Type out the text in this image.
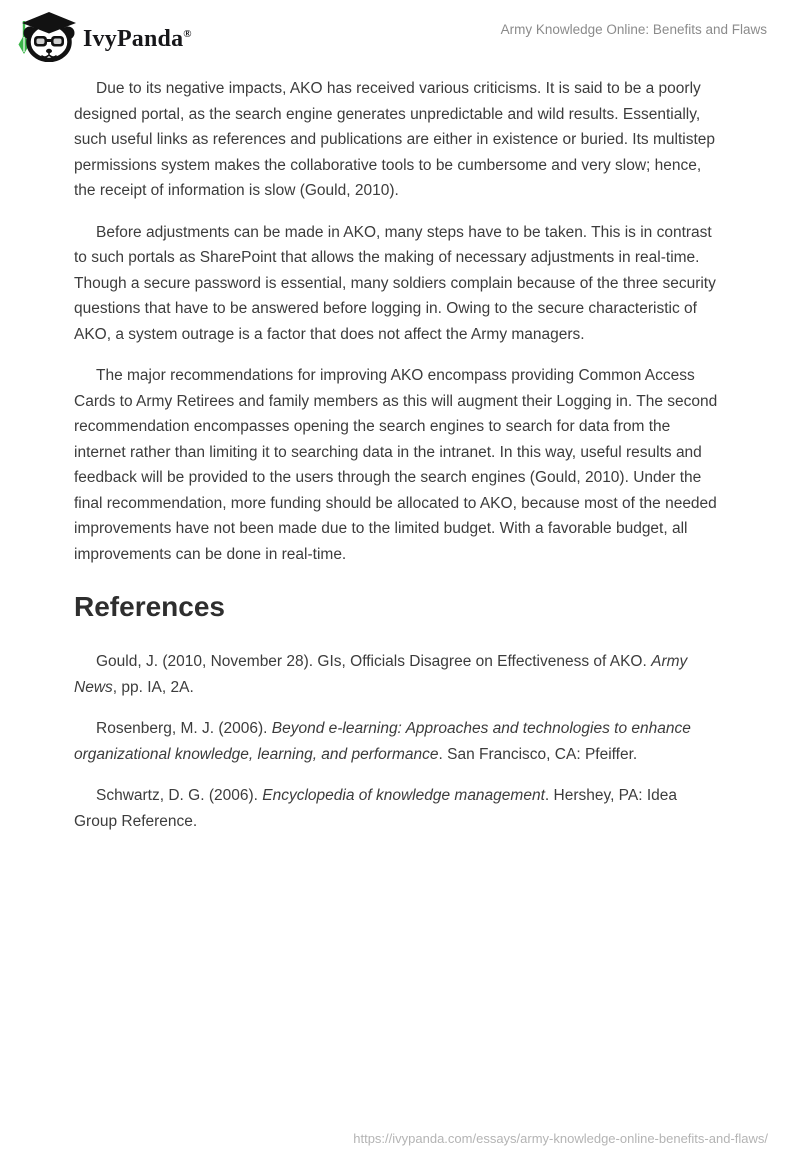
IvyPanda®	Army Knowledge Online: Benefits and Flaws

Due to its negative impacts, AKO has received various criticisms. It is said to be a poorly designed portal, as the search engine generates unpredictable and wild results. Essentially, such useful links as references and publications are either in existence or buried. Its multistep permissions system makes the collaborative tools to be cumbersome and very slow; hence, the receipt of information is slow (Gould, 2010).

Before adjustments can be made in AKO, many steps have to be taken. This is in contrast to such portals as SharePoint that allows the making of necessary adjustments in real-time. Though a secure password is essential, many soldiers complain because of the three security questions that have to be answered before logging in. Owing to the secure characteristic of AKO, a system outrage is a factor that does not affect the Army managers.

The major recommendations for improving AKO encompass providing Common Access Cards to Army Retirees and family members as this will augment their Logging in. The second recommendation encompasses opening the search engines to search for data from the internet rather than limiting it to searching data in the intranet. In this way, useful results and feedback will be provided to the users through the search engines (Gould, 2010). Under the final recommendation, more funding should be allocated to AKO, because most of the needed improvements have not been made due to the limited budget. With a favorable budget, all improvements can be done in real-time.

References

Gould, J. (2010, November 28). GIs, Officials Disagree on Effectiveness of AKO. Army News, pp. IA, 2A.

Rosenberg, M. J. (2006). Beyond e-learning: Approaches and technologies to enhance organizational knowledge, learning, and performance. San Francisco, CA: Pfeiffer.

Schwartz, D. G. (2006). Encyclopedia of knowledge management. Hershey, PA: Idea Group Reference.

https://ivypanda.com/essays/army-knowledge-online-benefits-and-flaws/
